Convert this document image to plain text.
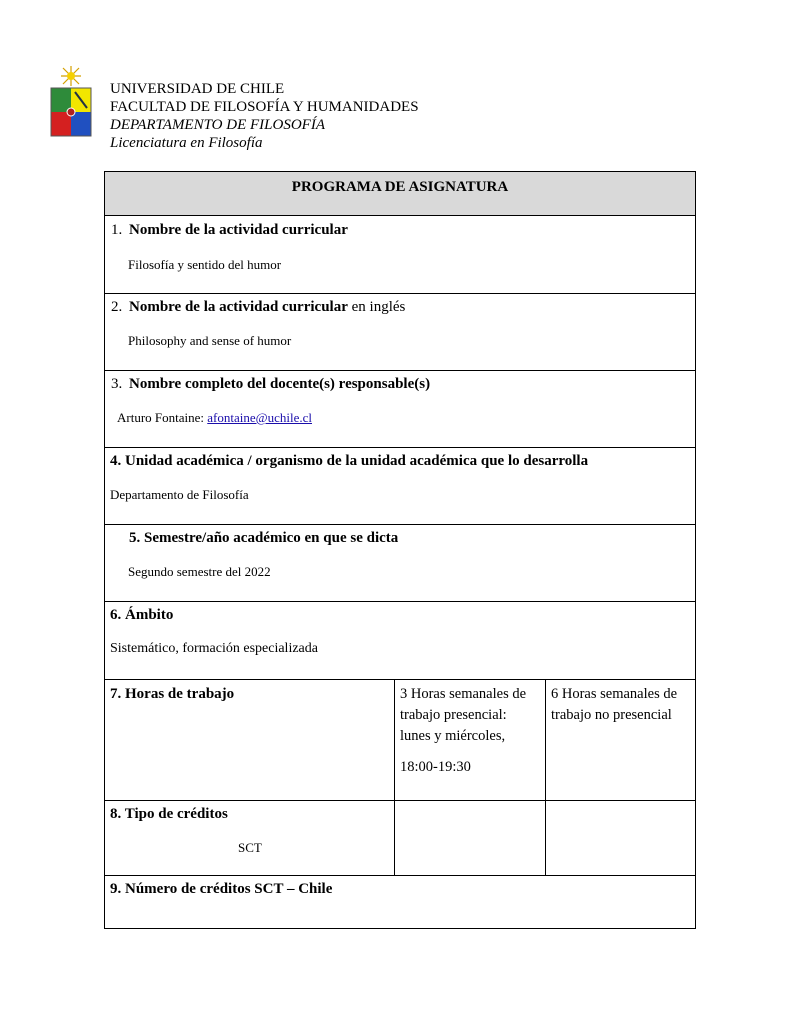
UNIVERSIDAD DE CHILE
FACULTAD DE FILOSOFÍA Y HUMANIDADES
DEPARTAMENTO DE FILOSOFÍA
Licenciatura en Filosofía
PROGRAMA DE ASIGNATURA
1. Nombre de la actividad curricular
Filosofía y sentido del humor
2. Nombre de la actividad curricular en inglés
Philosophy and sense of humor
3. Nombre completo del docente(s) responsable(s)
Arturo Fontaine: afontaine@uchile.cl
4. Unidad académica / organismo de la unidad académica que lo desarrolla
Departamento de Filosofía
5. Semestre/año académico en que se dicta
Segundo semestre del 2022
6. Ámbito
Sistemático, formación especializada
7. Horas de trabajo	3 Horas semanales de
trabajo presencial:
lunes y miércoles,
18:00-19:30
6 Horas semanales de
trabajo no presencial
8. Tipo de créditos
SCT
9. Número de créditos SCT – Chile
